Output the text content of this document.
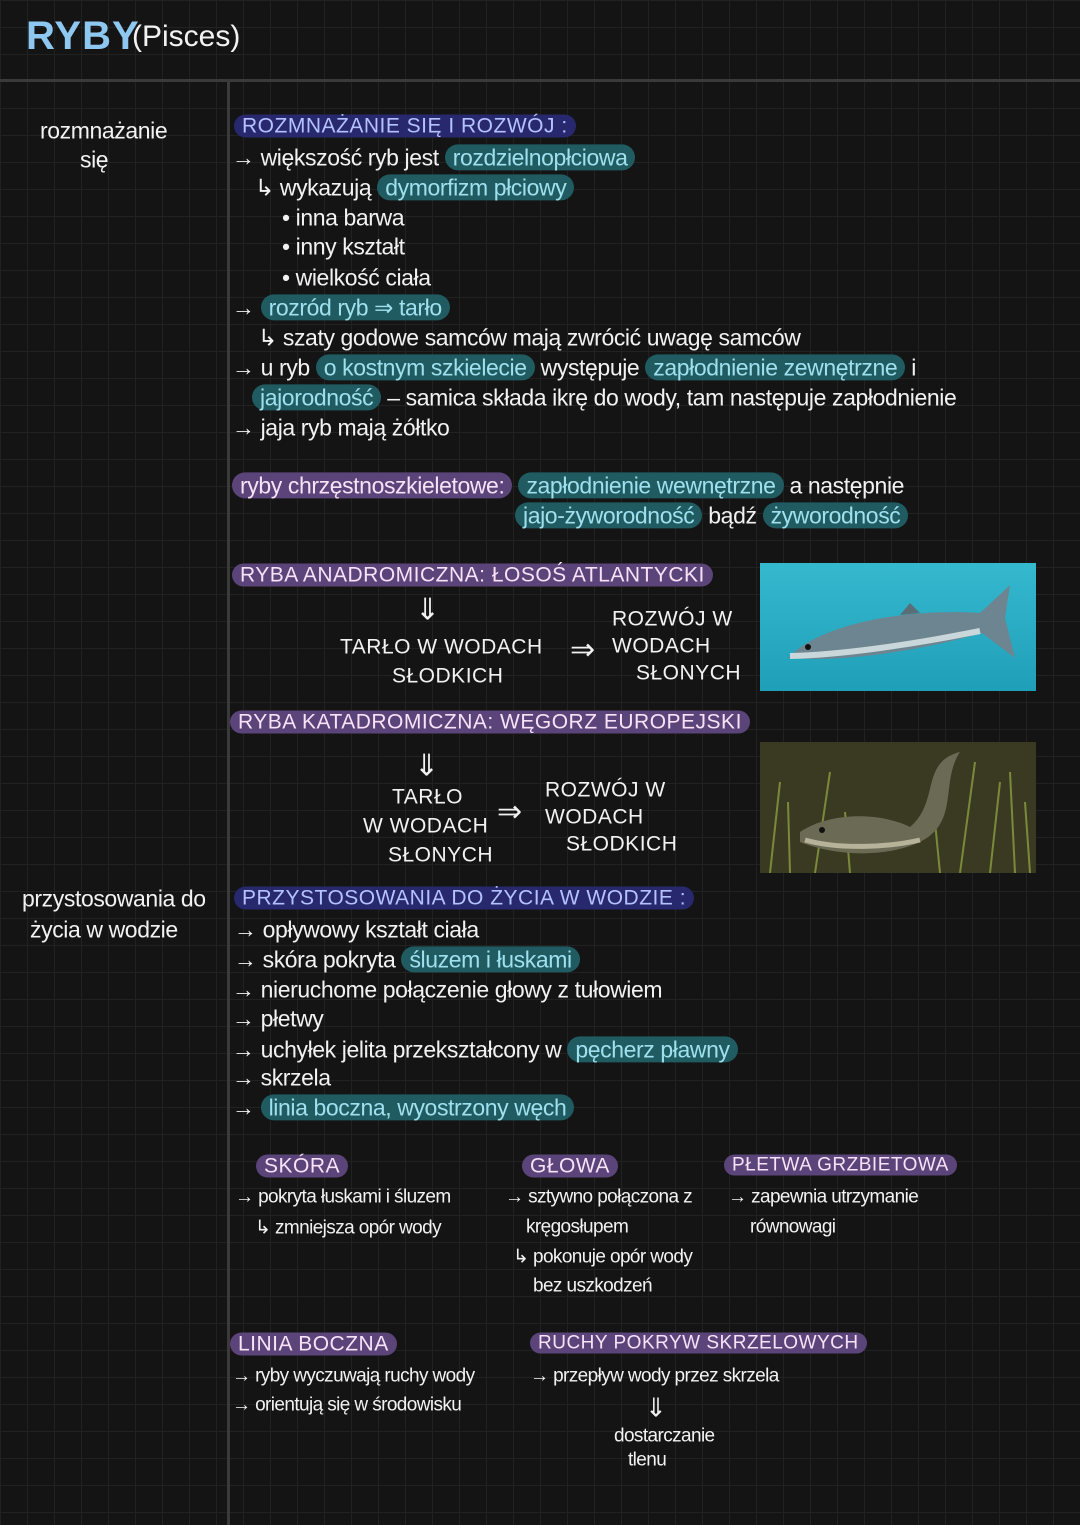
RYBY
(Pisces)
rozmnażanie
się
przystosowania do
życia w wodzie
ROZMNAŻANIE SIĘ I ROZWÓJ :
→ większość ryb jest rozdzielnopłciowa
↳ wykazują dymorfizm płciowy
• inna barwa
• inny kształt
• wielkość ciała
→ rozród ryb ⇒ tarło
↳ szaty godowe samców mają zwrócić uwagę samców
→ u ryb o kostnym szkielecie występuje zapłodnienie zewnętrzne i
jajorodność – samica składa ikrę do wody, tam następuje zapłodnienie
→ jaja ryb mają żółtko
ryby chrzęstnoszkieletowe: zapłodnienie wewnętrzne a następnie
jajo-żyworodność bądź żyworodność
RYBA ANADROMICZNA: ŁOSOŚ ATLANTYCKI
⇓
TARŁO W WODACH
SŁODKICH
⇒
ROZWÓJ W
WODACH
SŁONYCH
RYBA KATADROMICZNA: WĘGORZ EUROPEJSKI
⇓
TARŁO
W WODACH
SŁONYCH
⇒
ROZWÓJ W
WODACH
SŁODKICH
PRZYSTOSOWANIA DO ŻYCIA W WODZIE :
→ opływowy kształt ciała
→ skóra pokryta śluzem i łuskami
→ nieruchome połączenie głowy z tułowiem
→ płetwy
→ uchyłek jelita przekształcony w pęcherz pławny
→ skrzela
→ linia boczna, wyostrzony węch
SKÓRA
→ pokryta łuskami i śluzem
↳ zmniejsza opór wody
GŁOWA
→ sztywno połączona z
kręgosłupem
↳ pokonuje opór wody
bez uszkodzeń
PŁETWA GRZBIETOWA
→ zapewnia utrzymanie
równowagi
LINIA BOCZNA
→ ryby wyczuwają ruchy wody
→ orientują się w środowisku
RUCHY POKRYW SKRZELOWYCH
→ przepływ wody przez skrzela
⇓
dostarczanie
tlenu
